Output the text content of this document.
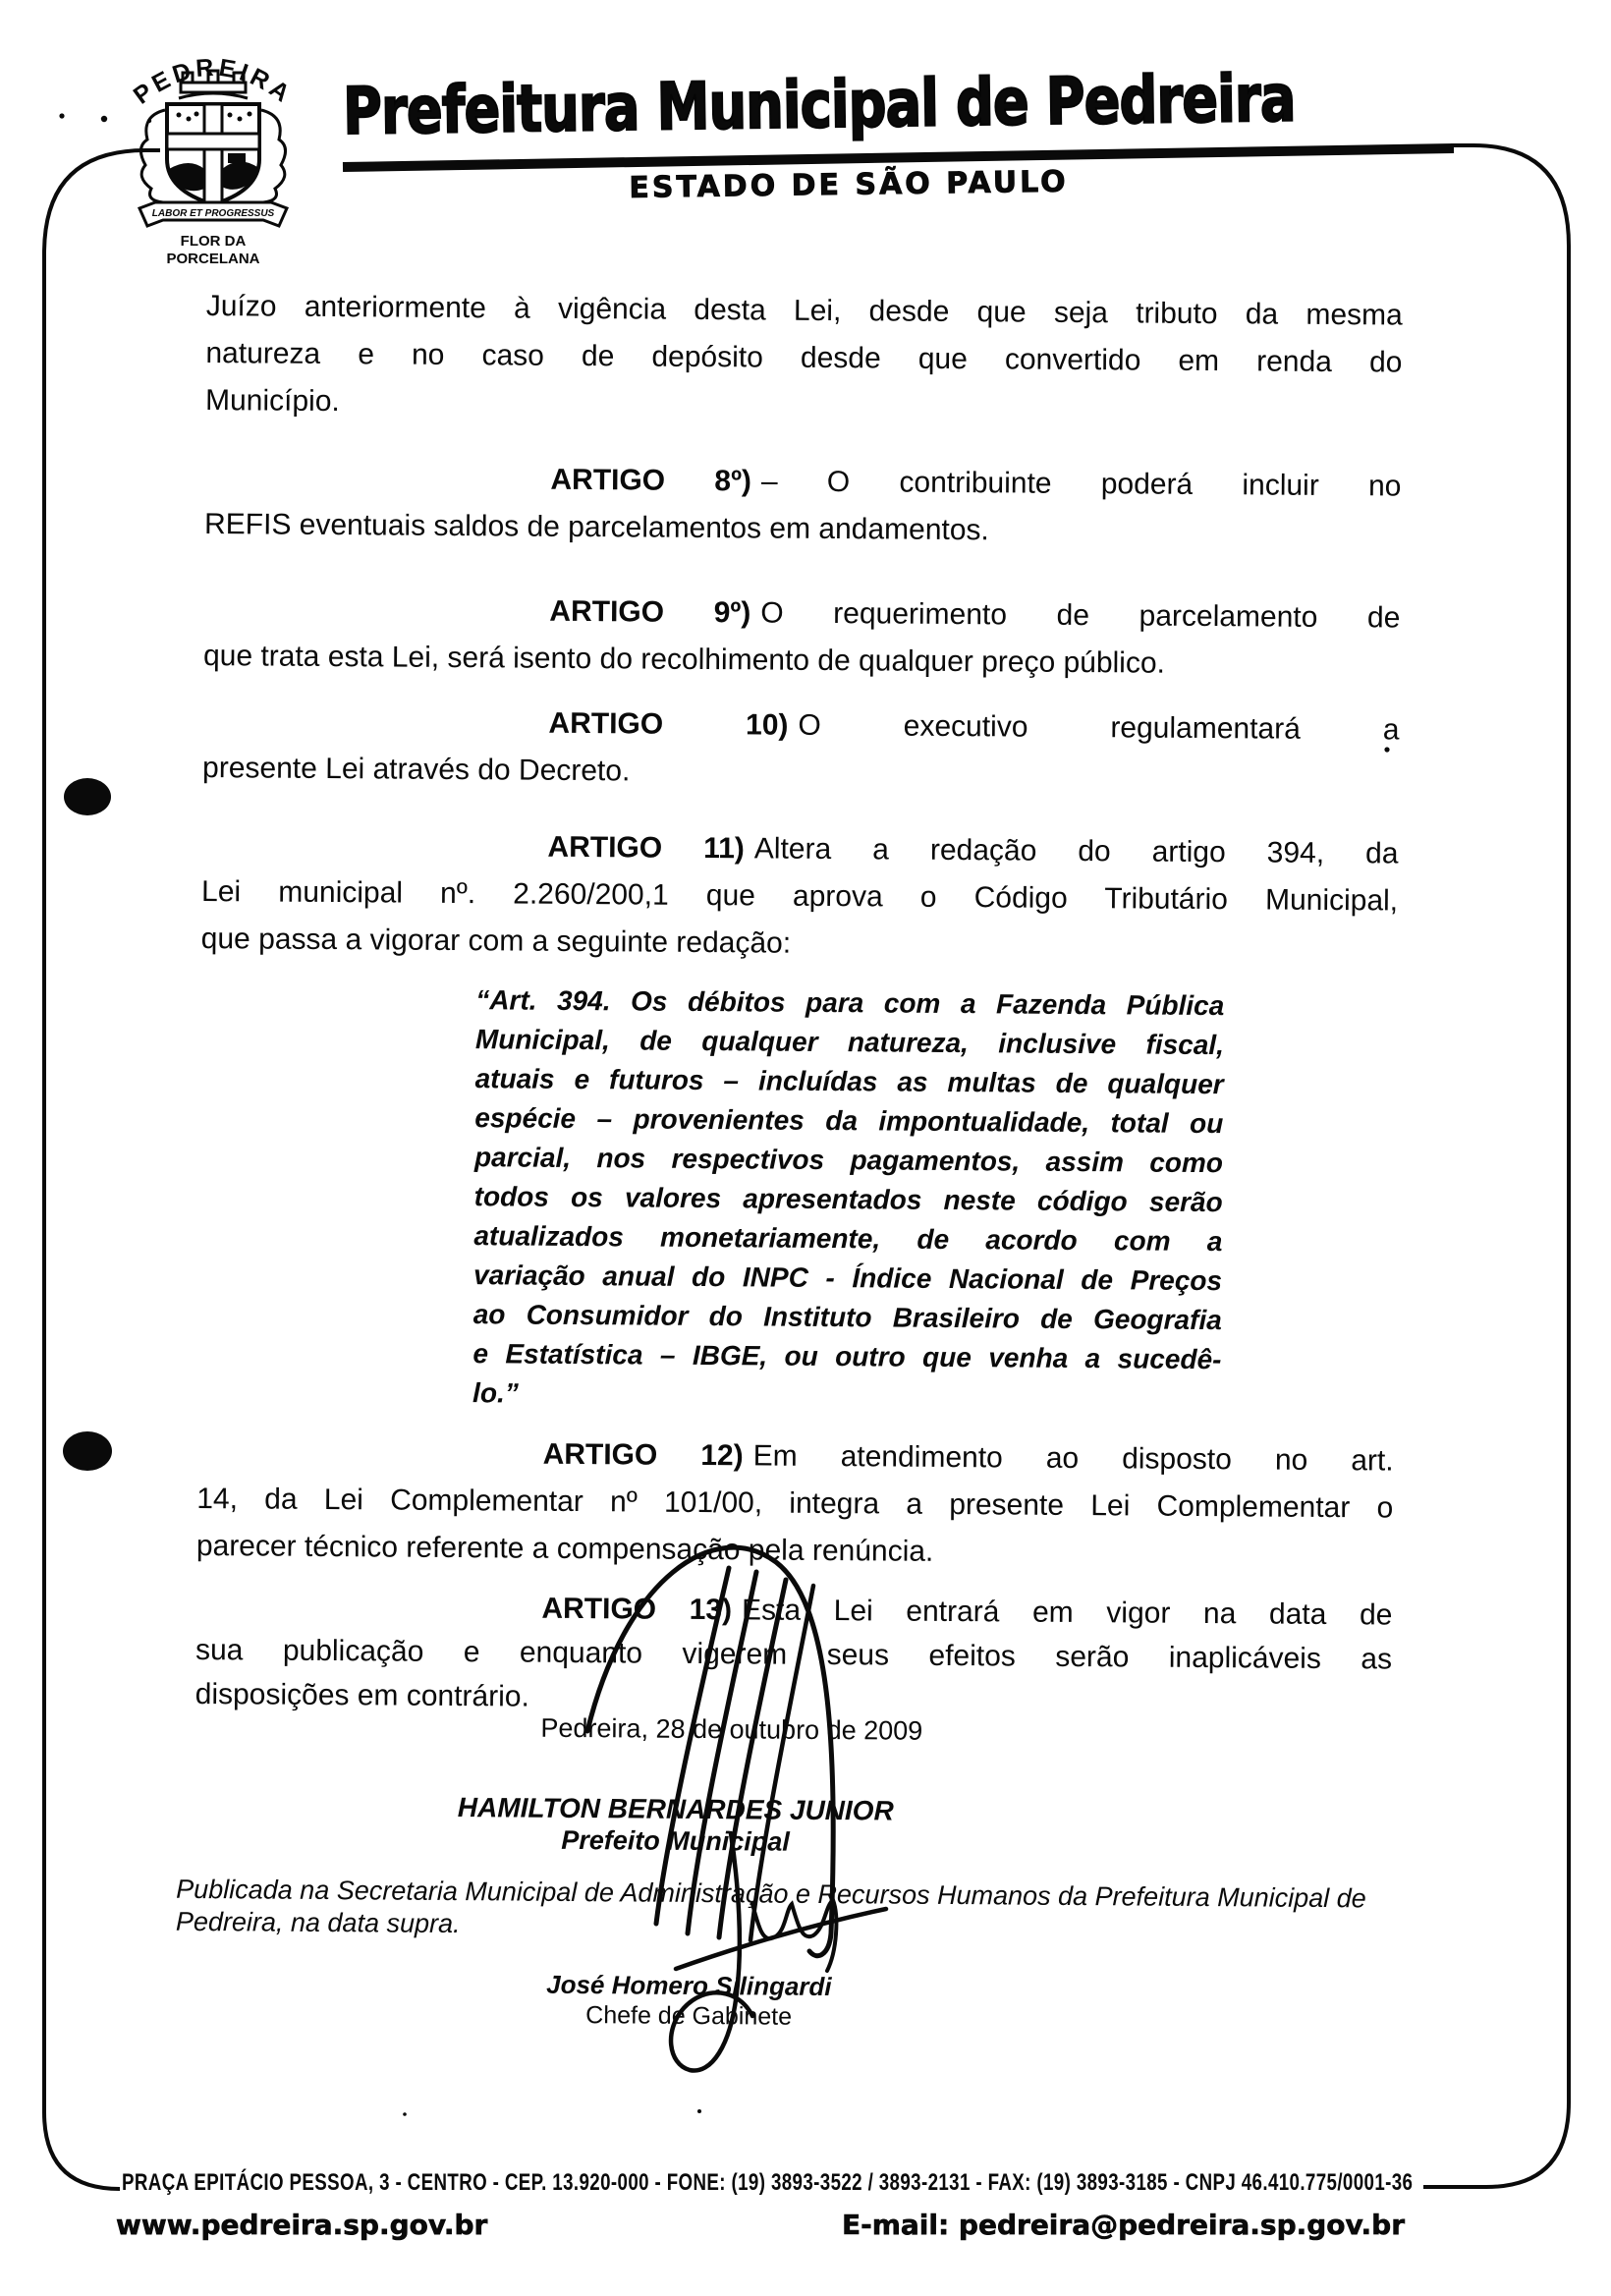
PEDREIRA
LABOR ET PROGRESSUS
FLOR DA
PORCELANA
Prefeitura Municipal de Pedreira
ESTADO DE SÃO PAULO
Juízo anteriormente à vigência desta Lei, desde que seja tributo da mesma
natureza e no caso de depósito desde que convertido em renda do
Município.
ARTIGO 8º) – O contribuinte poderá incluir no
REFIS eventuais saldos de parcelamentos em andamentos.
ARTIGO 9º) O requerimento de parcelamento de
que trata esta Lei, será isento do recolhimento de qualquer preço público.
ARTIGO 10) O executivo regulamentará a
presente Lei através do Decreto.
ARTIGO 11) Altera a redação do artigo 394, da
Lei municipal nº. 2.260/200,1 que aprova o Código Tributário Municipal,
que passa a vigorar com a seguinte redação:
“Art. 394. Os débitos para com a Fazenda Pública
Municipal, de qualquer natureza, inclusive fiscal,
atuais e futuros – incluídas as multas de qualquer
espécie – provenientes da impontualidade, total ou
parcial, nos respectivos pagamentos, assim como
todos os valores apresentados neste código serão
atualizados monetariamente, de acordo com a
variação anual do INPC - Índice Nacional de Preços
ao Consumidor do Instituto Brasileiro de Geografia
e Estatística – IBGE, ou outro que venha a sucedê-
lo.”
ARTIGO 12) Em atendimento ao disposto no art.
14, da Lei Complementar nº 101/00, integra a presente Lei Complementar o
parecer técnico referente a compensação pela renúncia.
ARTIGO 13) Esta Lei entrará em vigor na data de
sua publicação e enquanto vigerem seus efeitos serão inaplicáveis as
disposições em contrário.
Pedreira, 28 de outubro de 2009
HAMILTON BERNARDES JUNIOR
Prefeito Municipal
Publicada na Secretaria Municipal de Administração e Recursos Humanos da Prefeitura Municipal de
Pedreira, na data supra.
José Homero Silingardi
Chefe de Gabinete
PRAÇA EPITÁCIO PESSOA, 3 - CENTRO - CEP. 13.920-000 - FONE: (19) 3893-3522 / 3893-2131 - FAX: (19) 3893-3185 - CNPJ 46.410.775/0001-36
www.pedreira.sp.gov.br	E-mail: pedreira@pedreira.sp.gov.br
